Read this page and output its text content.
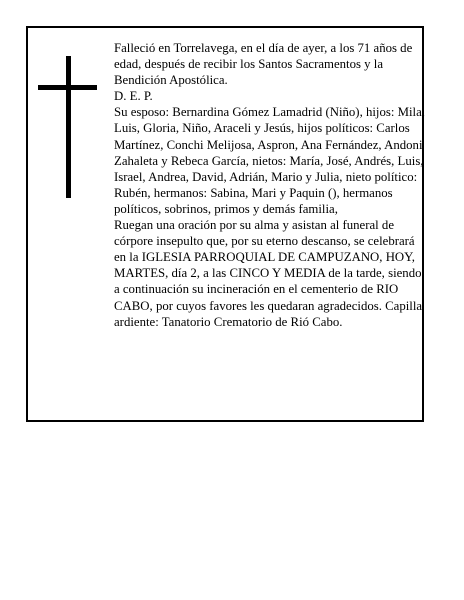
Falleció en Torrelavega, en el día de ayer, a los 71 años de edad, después de recibir los Santos Sacramentos y la Bendición Apostólica.

D. E. P.

Su esposo: Bernardina Gómez Lamadrid (Niño), hijos: Mila, Luis, Gloria, Niño, Araceli y Jesús, hijos políticos: Carlos Martínez, Conchi Melijosa, Aspron, Ana Fernández, Andoni Zahaleta y Rebeca García, nietos: María, José, Andrés, Luis, Israel, Andrea, David, Adrián, Mario y Julia, nieto político: Rubén, hermanos: Sabina, Mari y Paquin (), hermanos políticos, sobrinos, primos y demás familia,

Ruegan una oración por su alma y asistan al funeral de córpore insepulto que, por su eterno descanso, se celebrará en la IGLESIA PARROQUIAL DE CAMPUZANO, HOY, MARTES, día 2, a las CINCO Y MEDIA de la tarde, siendo a continuación su incineración en el cementerio de RIO CABO, por cuyos favores les quedaran agradecidos. Capilla ardiente: Tanatorio Crematorio de Rió Cabo.
